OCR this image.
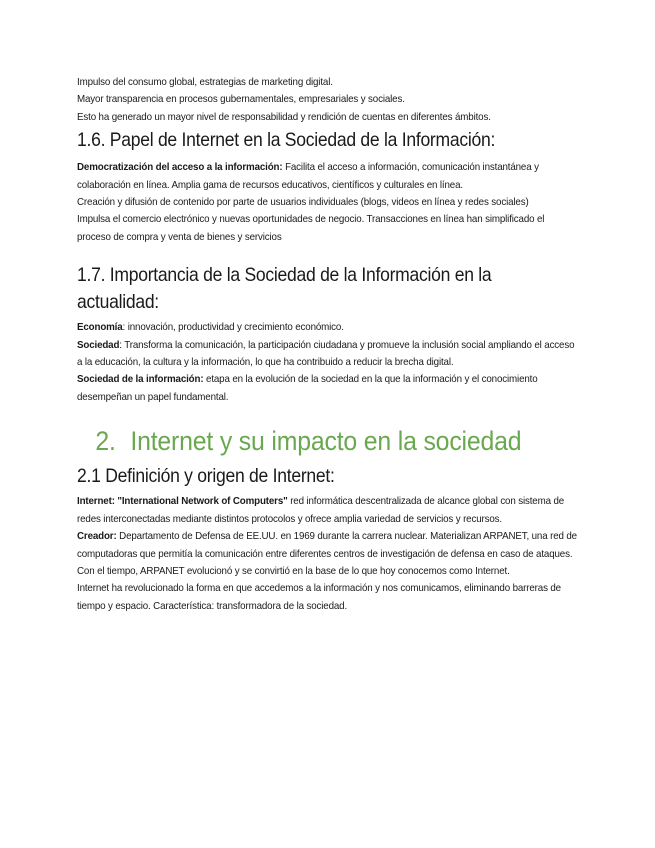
Impulso del consumo global, estrategias de marketing digital.

Mayor transparencia en procesos gubernamentales, empresariales y sociales.

Esto ha generado un mayor nivel de responsabilidad y rendición de cuentas en diferentes ámbitos.

1.6. Papel de Internet en la Sociedad de la Información:

Democratización del acceso a la información: Facilita el acceso a información, comunicación instantánea y colaboración en línea. Amplia gama de recursos educativos, científicos y culturales en línea.

Creación y difusión de contenido por parte de usuarios individuales (blogs, videos en línea y redes sociales)

Impulsa el comercio electrónico y nuevas oportunidades de negocio. Transacciones en línea han simplificado el proceso de compra y venta de bienes y servicios

1.7. Importancia de la Sociedad de la Información en la actualidad:

Economía: innovación, productividad y crecimiento económico.

Sociedad: Transforma la comunicación, la participación ciudadana y promueve la inclusión social ampliando el acceso a la educación, la cultura y la información, lo que ha contribuido a reducir la brecha digital.

Sociedad de la información: etapa en la evolución de la sociedad en la que la información y el conocimiento desempeñan un papel fundamental.

2. Internet y su impacto en la sociedad
2.1 Definición y origen de Internet:

Internet: "International Network of Computers" red informática descentralizada de alcance global con sistema de redes interconectadas mediante distintos protocolos y ofrece amplia variedad de servicios y recursos.

Creador: Departamento de Defensa de EE.UU. en 1969 durante la carrera nuclear. Materializan ARPANET, una red de computadoras que permitía la comunicación entre diferentes centros de investigación de defensa en caso de ataques. Con el tiempo, ARPANET evolucionó y se convirtió en la base de lo que hoy conocemos como Internet.

Internet ha revolucionado la forma en que accedemos a la información y nos comunicamos, eliminando barreras de tiempo y espacio. Característica: transformadora de la sociedad.
